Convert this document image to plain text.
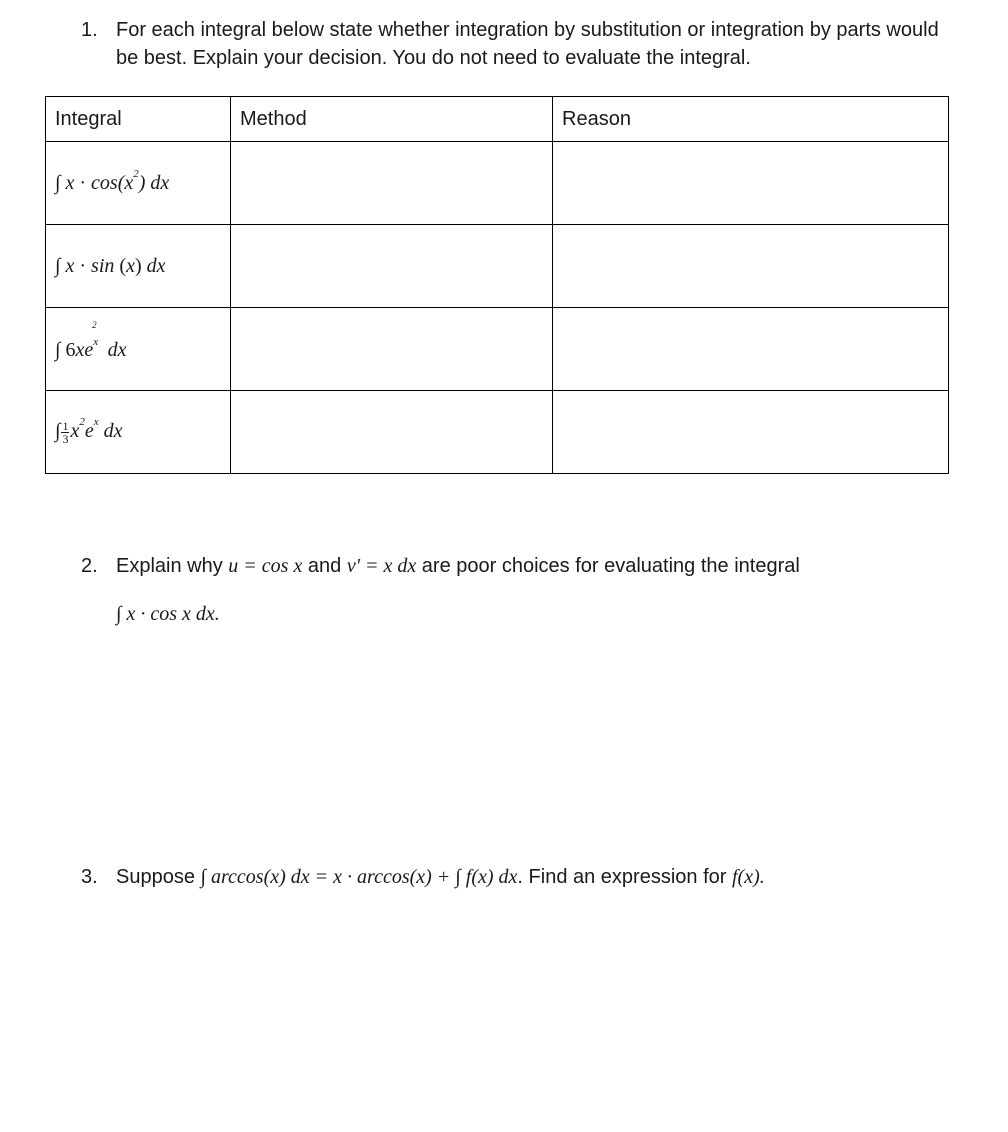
1. For each integral below state whether integration by substitution or integration by parts would be best. Explain your decision. You do not need to evaluate the integral.
Integral	Method	Reason
∫ $x \cdot \cos(x^2)$ dx		
∫ x · sin (x) dx		
∫ $6xe^{x^2}$ dx		
∫ $\frac{1}{3} x^2e^x$ dx		
2. Explain why u = cos x and v' = x dx are poor choices for evaluating the integral
∫ x · cos x dx.
3. Suppose ∫ arccos(x) dx = x · arccos(x) + ∫ f(x) dx. Find an expression for f(x).
